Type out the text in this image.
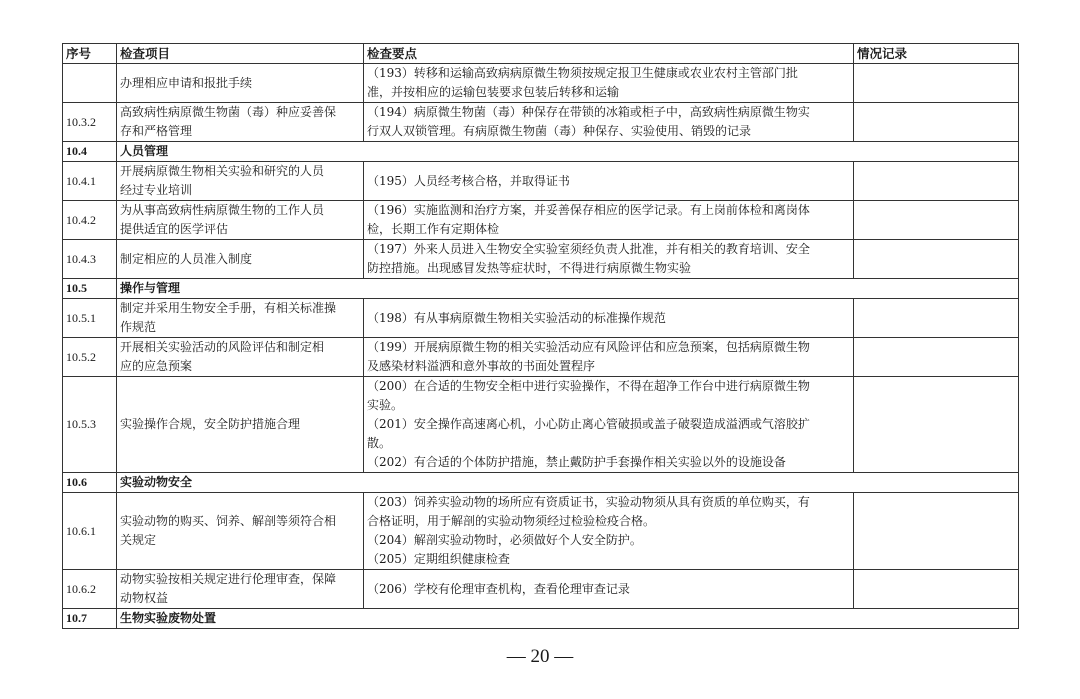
序号	检查项目	检查要点	情况记录

	办理相应申请和报批手续	（193）转移和运输高致病病原微生物须按规定报卫生健康或农业农村主管部门批
准，并按相应的运输包装要求包装后转移和运输	

10.3.2	高致病性病原微生物菌（毒）种应妥善保
存和严格管理	（194）病原微生物菌（毒）种保存在带锁的冰箱或柜子中，高致病性病原微生物实
行双人双锁管理。有病原微生物菌（毒）种保存、实验使用、销毁的记录	

10.4	人员管理		
10.4.1	开展病原微生物相关实验和研究的人员
经过专业培训	（195）人员经考核合格，并取得证书	

10.4.2	为从事高致病性病原微生物的工作人员
提供适宜的医学评估	（196）实施监测和治疗方案，并妥善保存相应的医学记录。有上岗前体检和离岗体
检，长期工作有定期体检	

10.4.3	制定相应的人员准入制度	（197）外来人员进入生物安全实验室须经负责人批准，并有相关的教育培训、安全
防控措施。出现感冒发热等症状时，不得进行病原微生物实验	

10.5	操作与管理		
10.5.1	制定并采用生物安全手册，有相关标准操
作规范	（198）有从事病原微生物相关实验活动的标准操作规范	

10.5.2	开展相关实验活动的风险评估和制定相
应的应急预案	（199）开展病原微生物的相关实验活动应有风险评估和应急预案，包括病原微生物
及感染材料溢洒和意外事故的书面处置程序	

10.5.3	实验操作合规，安全防护措施合理	（200）在合适的生物安全柜中进行实验操作，不得在超净工作台中进行病原微生物
实验。
（201）安全操作高速离心机，小心防止离心管破损或盖子破裂造成溢洒或气溶胶扩
散。
（202）有合适的个体防护措施，禁止戴防护手套操作相关实验以外的设施设备	

10.6	实验动物安全		
10.6.1	实验动物的购买、饲养、解剖等须符合相
关规定	（203）饲养实验动物的场所应有资质证书，实验动物须从具有资质的单位购买，有
合格证明，用于解剖的实验动物须经过检验检疫合格。
（204）解剖实验动物时，必须做好个人安全防护。
（205）定期组织健康检查	

10.6.2	动物实验按相关规定进行伦理审查，保障
动物权益	（206）学校有伦理审查机构，查看伦理审查记录	

10.7	生物实验废物处置		
— 20 —
